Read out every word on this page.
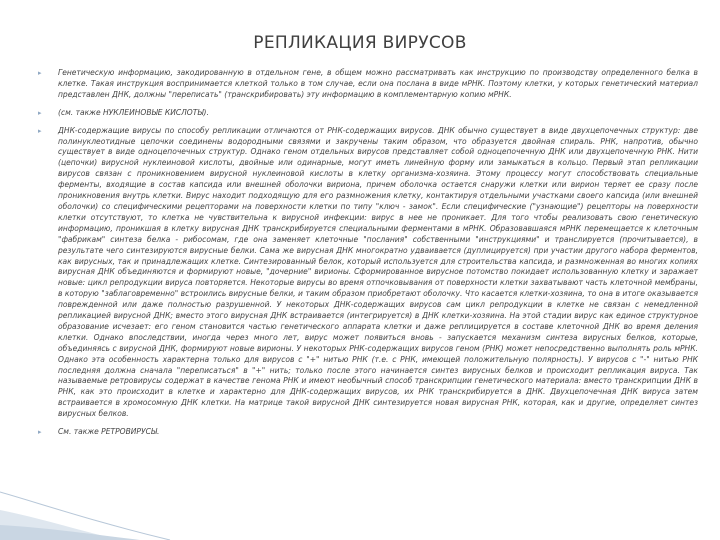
РЕПЛИКАЦИЯ ВИРУСОВ
▸ Генетическую информацию, закодированную в отдельном гене, в общем можно рассматривать как инструкцию по производству определенного белка в клетке. Такая инструкция воспринимается клеткой только в том случае, если она послана в виде мРНК. Поэтому клетки, у которых генетический материал представлен ДНК, должны "переписать" (транскрибировать) эту информацию в комплементарную копию мРНК.
▸ (см. также НУКЛЕИНОВЫЕ КИСЛОТЫ).
▸ ДНК-содержащие вирусы по способу репликации отличаются от РНК-содержащих вирусов. ДНК обычно существует в виде двухцепочечных структур: две полинуклеотидные цепочки соединены водородными связями и закручены таким образом, что образуется двойная спираль. РНК, напротив, обычно существует в виде одноцепочечных структур. Однако геном отдельных вирусов представляет собой одноцепочечную ДНК или двухцепочечную РНК. Нити (цепочки) вирусной нуклеиновой кислоты, двойные или одинарные, могут иметь линейную форму или замыкаться в кольцо. Первый этап репликации вирусов связан с проникновением вирусной нуклеиновой кислоты в клетку организма-хозяина. Этому процессу могут способствовать специальные ферменты, входящие в состав капсида или внешней оболочки вириона, причем оболочка остается снаружи клетки или вирион теряет ее сразу после проникновения внутрь клетки. Вирус находит подходящую для его размножения клетку, контактируя отдельными участками своего капсида (или внешней оболочки) со специфическими рецепторами на поверхности клетки по типу "ключ - замок". Если специфические ("узнающие") рецепторы на поверхности клетки отсутствуют, то клетка не чувствительна к вирусной инфекции: вирус в нее не проникает. Для того чтобы реализовать свою генетическую информацию, проникшая в клетку вирусная ДНК транскрибируется специальными ферментами в мРНК. Образовавшаяся мРНК перемещается к клеточным "фабрикам" синтеза белка - рибосомам, где она заменяет клеточные "послания" собственными "инструкциями" и транслируется (прочитывается), в результате чего синтезируются вирусные белки. Сама же вирусная ДНК многократно удваивается (дуплицируется) при участии другого набора ферментов, как вирусных, так и принадлежащих клетке. Синтезированный белок, который используется для строительства капсида, и размноженная во многих копиях вирусная ДНК объединяются и формируют новые, "дочерние" вирионы. Сформированное вирусное потомство покидает использованную клетку и заражает новые: цикл репродукции вируса повторяется. Некоторые вирусы во время отпочковывания от поверхности клетки захватывают часть клеточной мембраны, в которую "заблаговременно" встроились вирусные белки, и таким образом приобретают оболочку. Что касается клетки-хозяина, то она в итоге оказывается поврежденной или даже полностью разрушенной. У некоторых ДНК-содержащих вирусов сам цикл репродукции в клетке не связан с немедленной репликацией вирусной ДНК; вместо этого вирусная ДНК встраивается (интегрируется) в ДНК клетки-хозяина. На этой стадии вирус как единое структурное образование исчезает: его геном становится частью генетического аппарата клетки и даже реплицируется в составе клеточной ДНК во время деления клетки. Однако впоследствии, иногда через много лет, вирус может появиться вновь - запускается механизм синтеза вирусных белков, которые, объединяясь с вирусной ДНК, формируют новые вирионы. У некоторых РНК-содержащих вирусов геном (РНК) может непосредственно выполнять роль мРНК. Однако эта особенность характерна только для вирусов с "+" нитью РНК (т.е. с РНК, имеющей положительную полярность). У вирусов с "-" нитью РНК последняя должна сначала "переписаться" в "+" нить; только после этого начинается синтез вирусных белков и происходит репликация вируса. Так называемые ретровирусы содержат в качестве генома РНК и имеют необычный способ транскрипции генетического материала: вместо транскрипции ДНК в РНК, как это происходит в клетке и характерно для ДНК-содержащих вирусов, их РНК транскрибируется в ДНК. Двухцепочечная ДНК вируса затем встраивается в хромосомную ДНК клетки. На матрице такой вирусной ДНК синтезируется новая вирусная РНК, которая, как и другие, определяет синтез вирусных белков.
▸ См. также РЕТРОВИРУСЫ.
